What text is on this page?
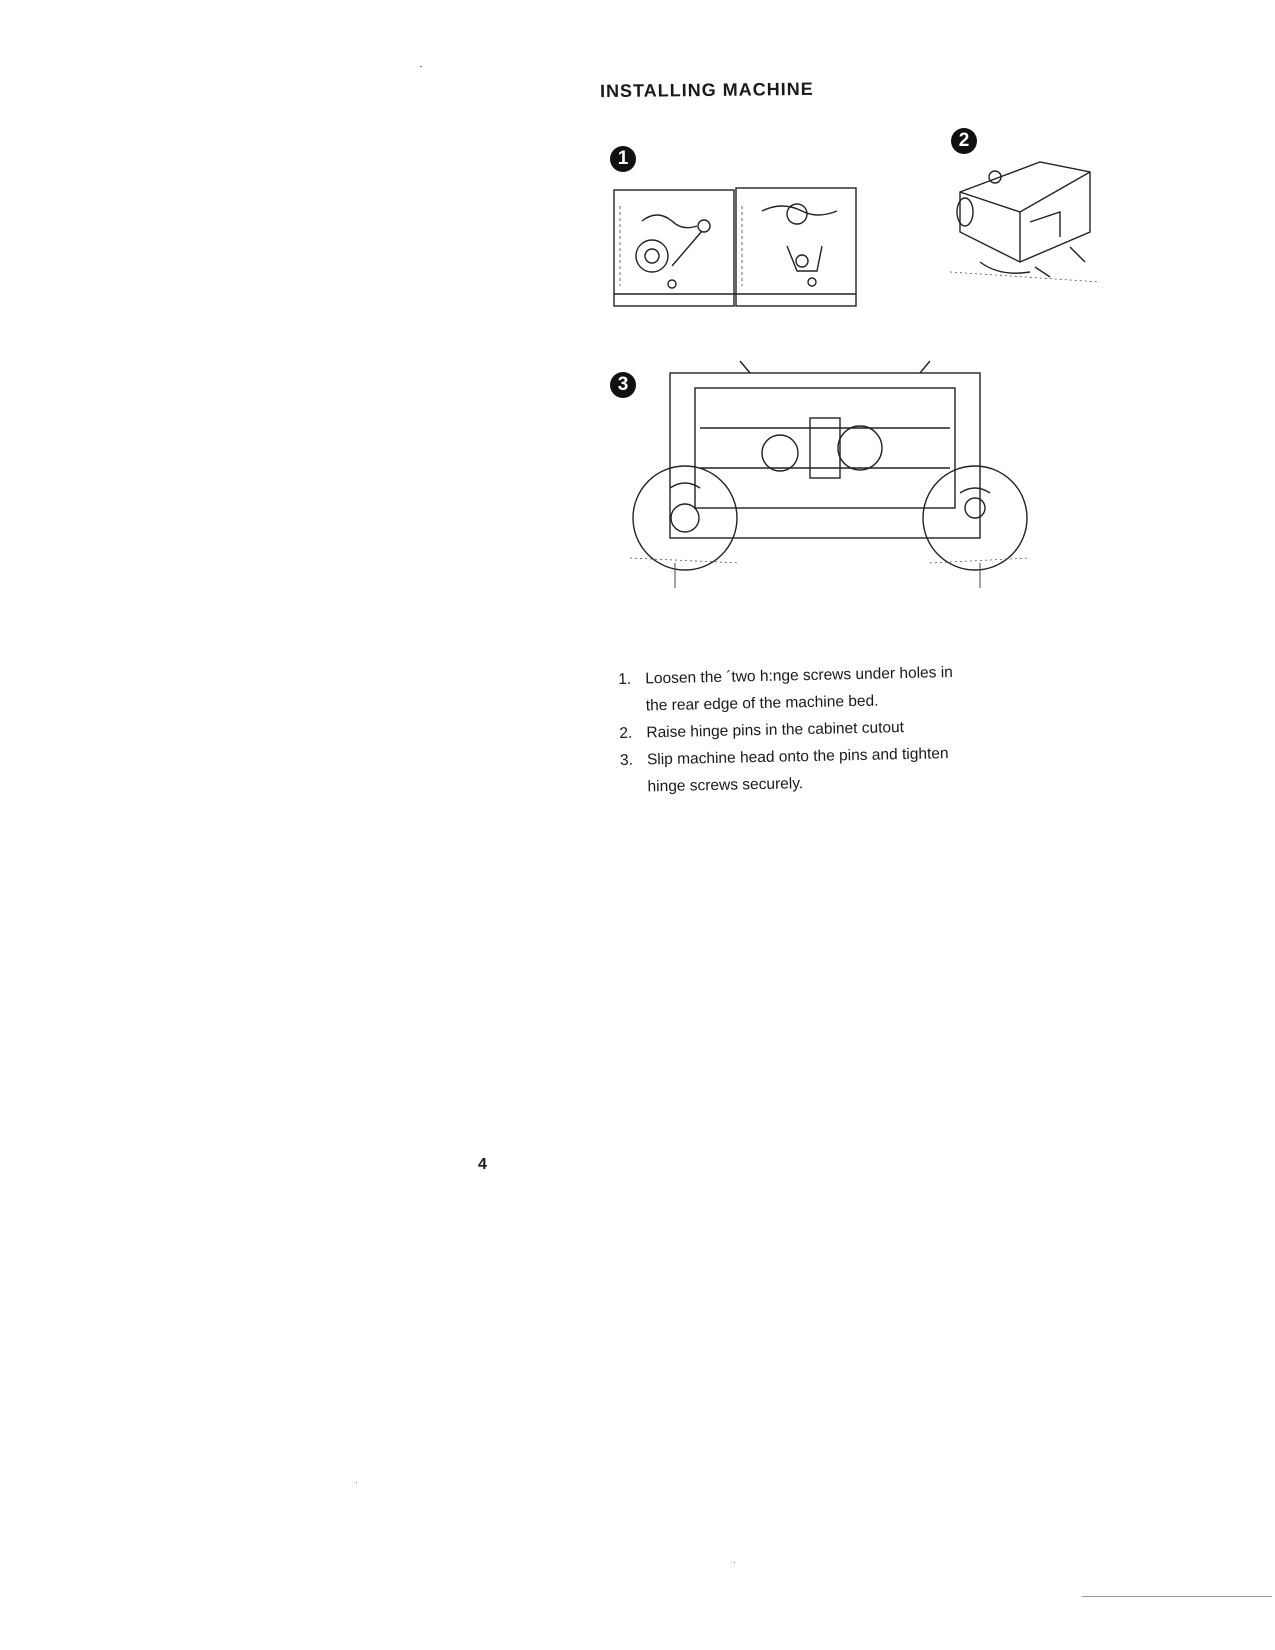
INSTALLING MACHINE
1
2
3
1. Loosen the ´two h:nge screws under holes in the rear edge of the machine bed.
2. Raise hinge pins in the cabinet cutout
3. Slip machine head onto the pins and tighten hinge screws securely.
4
